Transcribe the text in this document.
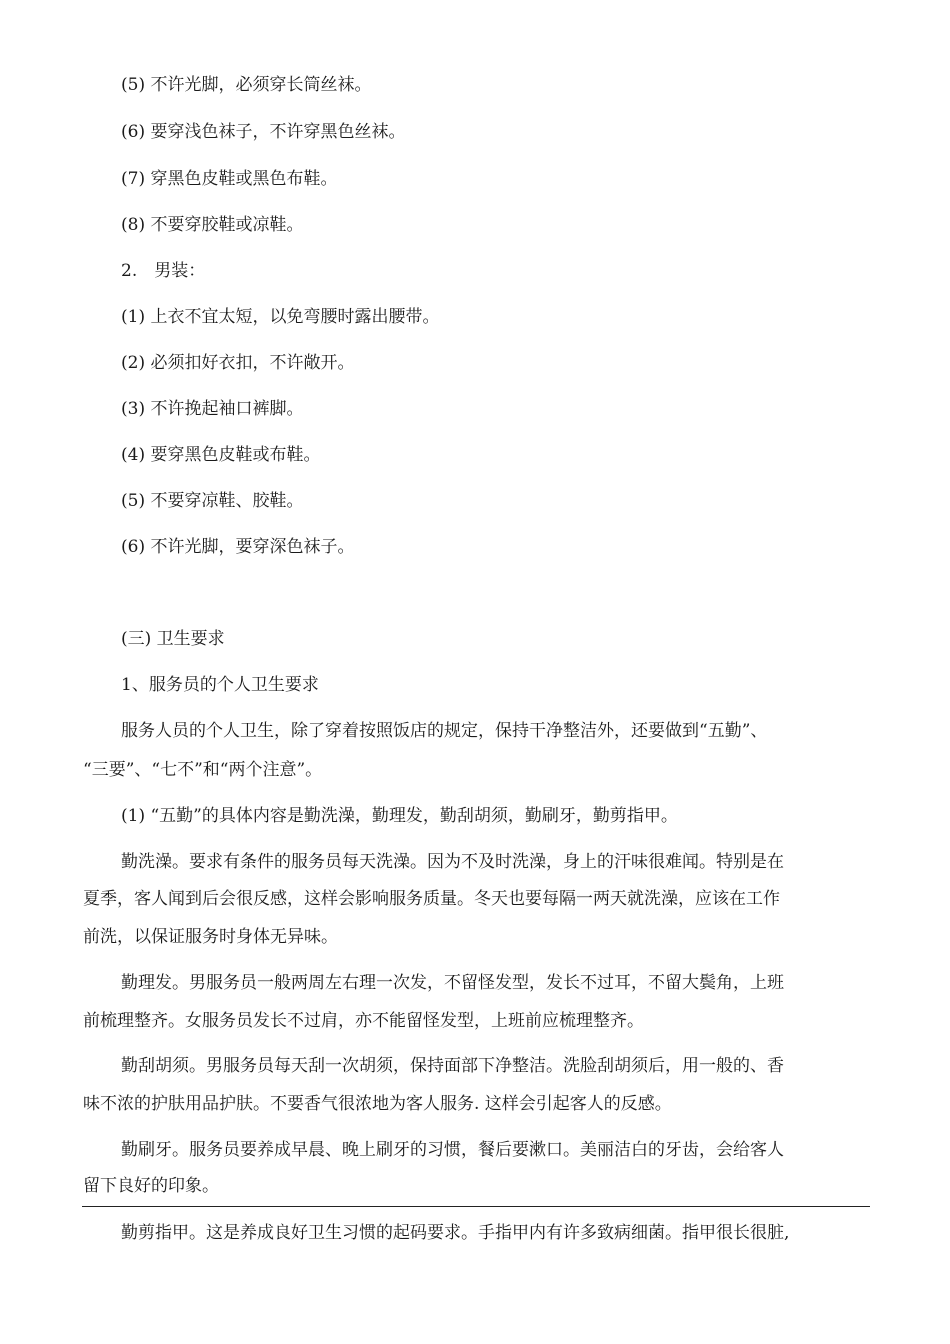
(5) 不许光脚，必须穿长筒丝袜。
(6) 要穿浅色袜子，不许穿黑色丝袜。
(7) 穿黑色皮鞋或黑色布鞋。
(8) 不要穿胶鞋或凉鞋。
2.　男装：
(1) 上衣不宜太短，以免弯腰时露出腰带。
(2) 必须扣好衣扣，不许敞开。
(3) 不许挽起袖口裤脚。
(4) 要穿黑色皮鞋或布鞋。
(5) 不要穿凉鞋、胶鞋。
(6) 不许光脚，要穿深色袜子。
(三) 卫生要求
1、服务员的个人卫生要求
服务人员的个人卫生，除了穿着按照饭店的规定，保持干净整洁外，还要做到“五勤”、
“三要”、“七不”和“两个注意”。
(1) “五勤”的具体内容是勤洗澡，勤理发，勤刮胡须，勤刷牙，勤剪指甲。
勤洗澡。要求有条件的服务员每天洗澡。因为不及时洗澡，身上的汗味很难闻。特别是在
夏季，客人闻到后会很反感，这样会影响服务质量。冬天也要每隔一两天就洗澡，应该在工作
前洗，以保证服务时身体无异味。
勤理发。男服务员一般两周左右理一次发，不留怪发型，发长不过耳，不留大鬓角，上班
前梳理整齐。女服务员发长不过肩，亦不能留怪发型，上班前应梳理整齐。
勤刮胡须。男服务员每天刮一次胡须，保持面部下净整洁。洗脸刮胡须后，用一般的、香
味不浓的护肤用品护肤。不要香气很浓地为客人服务. 这样会引起客人的反感。
勤刷牙。服务员要养成早晨、晚上刷牙的习惯，餐后要漱口。美丽洁白的牙齿，会给客人
留下良好的印象。
勤剪指甲。这是养成良好卫生习惯的起码要求。手指甲内有许多致病细菌。指甲很长很脏,
